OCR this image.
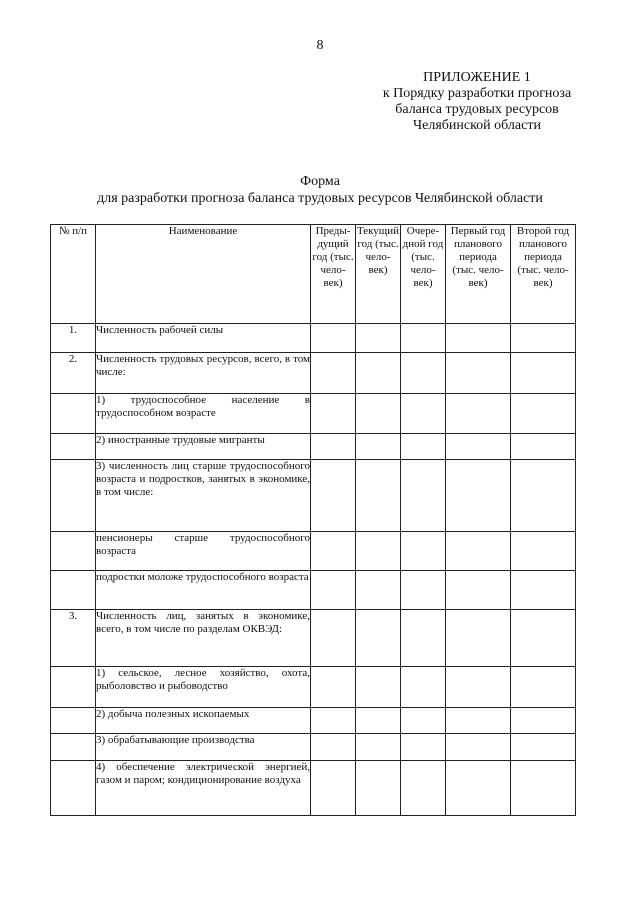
8
ПРИЛОЖЕНИЕ 1
к Порядку разработки прогноза
баланса трудовых ресурсов
Челябинской области
Форма
для разработки прогноза баланса трудовых ресурсов Челябинской области
№ п/п	Наименование	Преды-дущий год (тыс. чело-век)	Текущий год (тыс. чело-век)	Очере-дной год (тыс. чело-век)	Первый год планового периода (тыс. чело-век)	Второй год планового периода (тыс. чело-век)
1.	Численность рабочей силы					
2.	Численность трудовых ресурсов, всего, в том числе:					
	1) трудоспособное население в трудоспособном возрасте					
	2) иностранные трудовые мигранты					
	3) численность лиц старше трудоспособного возраста и подростков, занятых в экономике, в том числе:					
	пенсионеры старше трудоспособного возраста					
	подростки моложе трудоспособного возраста					
3.	Численность лиц, занятых в экономике, всего, в том числе по разделам ОКВЭД:					
	1) сельское, лесное хозяйство, охота, рыболовство и рыбоводство					
	2) добыча полезных ископаемых					
	3) обрабатывающие производства					
	4) обеспечение электрической энергией, газом и паром; кондиционирование воздуха					
